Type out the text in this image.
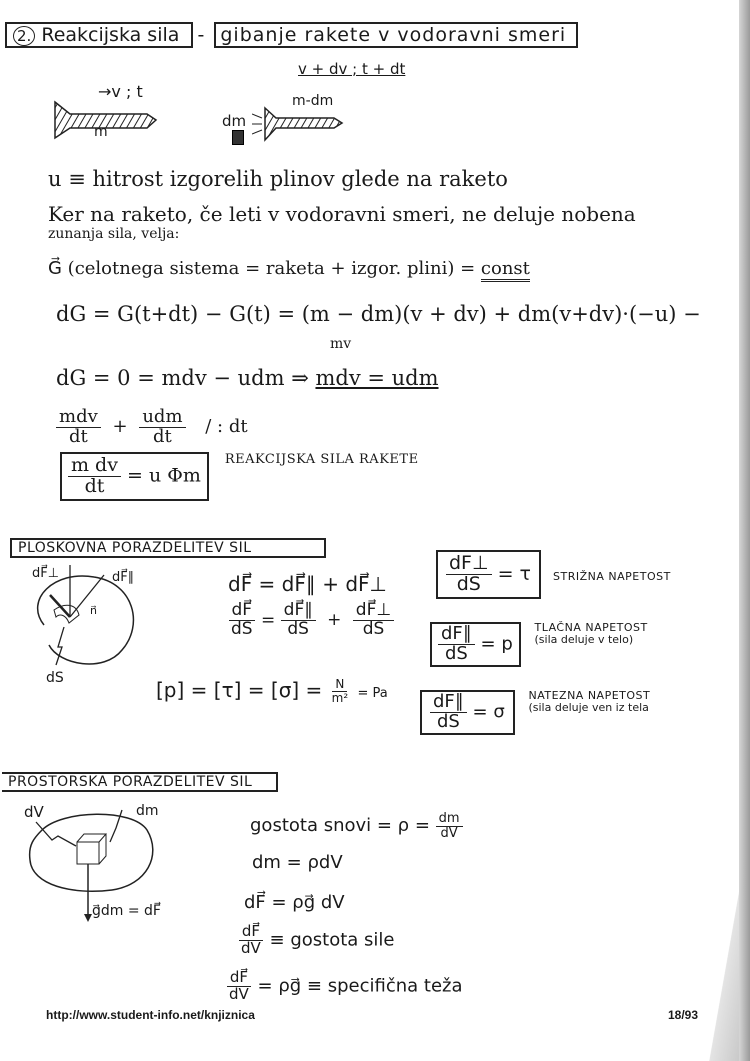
2. Reakcijska sila - gibanje rakete v vodoravni smeri
→v ; t
v + dv ; t + dt
m
dm
m-dm
u ≡ hitrost izgorelih plinov glede na raketo
Ker na raketo, če leti v vodoravni smeri, ne deluje nobena
zunanja sila, velja:
G⃗ (celotnega sistema = raketa + izgor. plini) = const
dG = G(t+dt) − G(t) = (m − dm)(v + dv) + dm(v+dv)·(−u) −
mv
dG = 0 = mdv − udm ⇒ mdv = udm
$\frac{\text{mdv}}{dt} + \frac{\text{udm}}{dt}$ / : dt
$\frac{\text{m dv}}{dt} = u$ Φm $^{REAKCIJSKA SILA RAKETE}$
PLOSKOVNA PORAZDELITEV SIL
dF⃗⊥	dF⃗∥
n⃗
dS
dF⃗ = dF⃗∥ + dF⃗⊥
$\frac{dF⃗}{dS} = \frac{dF⃗\parallel}{dS} + \frac{dF⃗\perp}{dS}$
$[p] = [\tau] = [\sigma] = \frac{N}{\text{m²}} = Pa$
$\frac{dF\perp}{dS} = \tau$ STRIŽNA NAPETOST
$\frac{dF\parallel}{dS} = p$
TLAČNA NAPETOST
(sila deluje v telo)
$\frac{dF\parallel}{dS} = \sigma$
NATEZNA NAPETOST
(sila deluje ven iz tela
PROSTORSKA PORAZDELITEV SIL
dV	dm
g⃗dm = dF⃗
gostota snovi = $\rho = \frac{dm}{dV}$
dm = ρdV
dF⃗ = ρg⃗ dV
$\frac{dF⃗}{dV}$ ≡ gostota sile
$\frac{dF⃗}{dV}$ = ρg⃗ ≡ specifična teža
http://www.student-info.net/knjiznica	18/93
